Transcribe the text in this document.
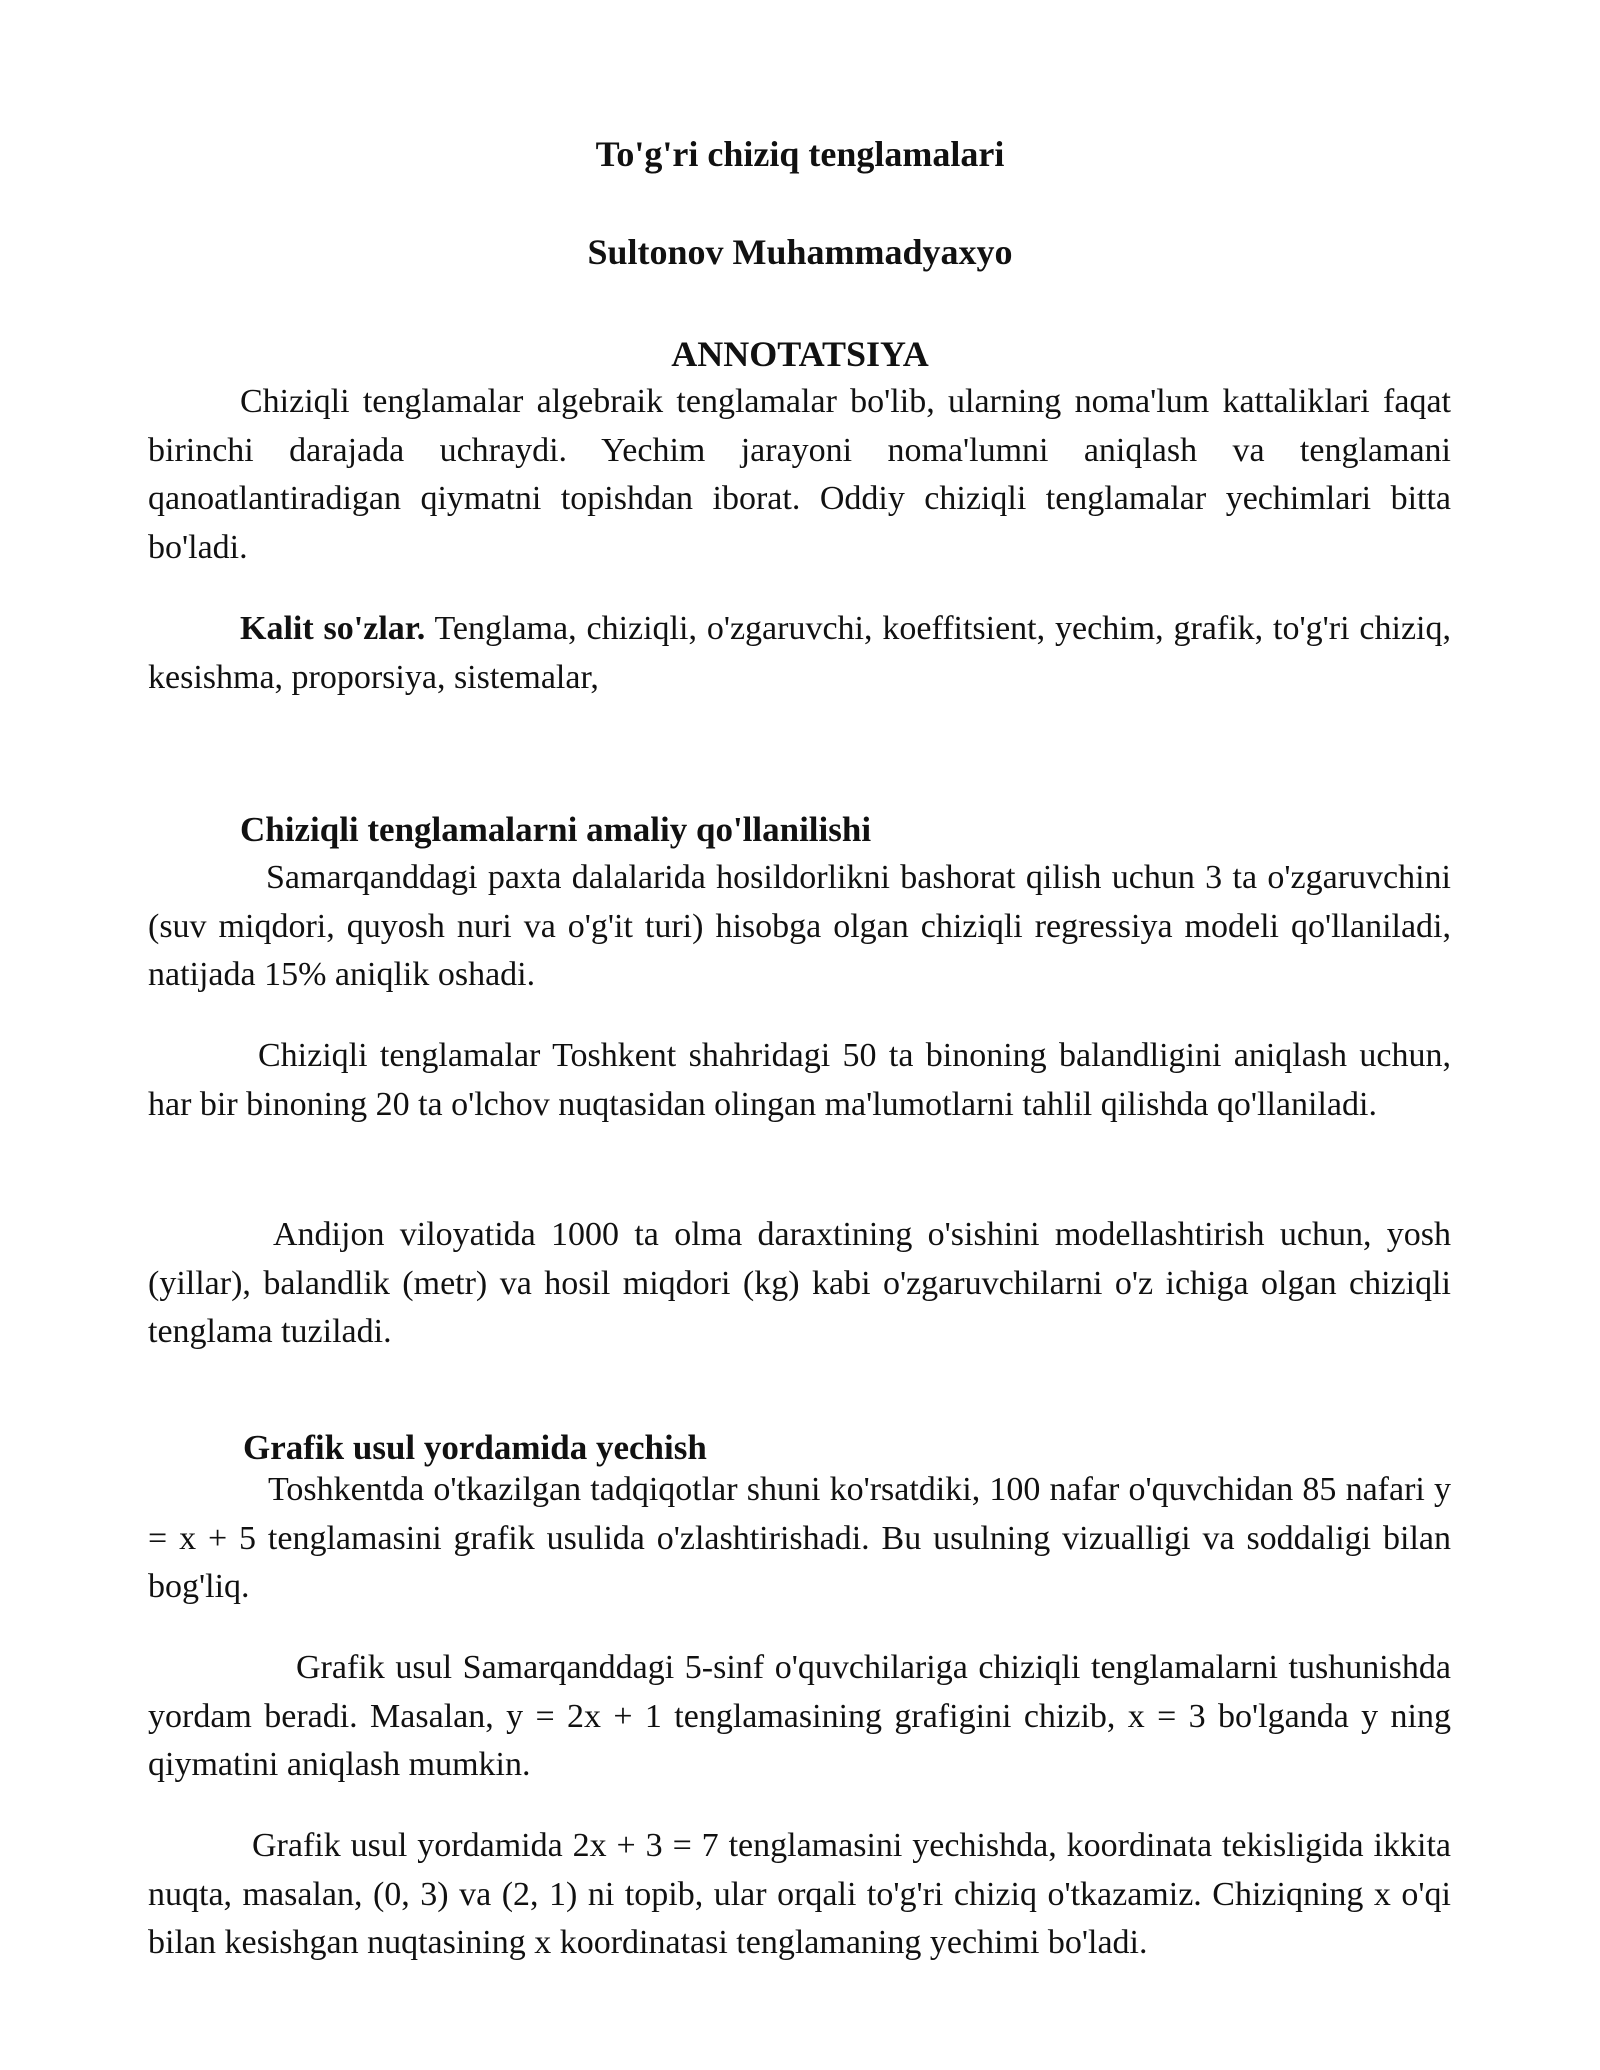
To'g'ri chiziq tenglamalari

Sultonov Muhammadyaxyo

ANNOTATSIYA

Chiziqli tenglamalar algebraik tenglamalar bo'lib, ularning noma'lum kattaliklari faqat birinchi darajada uchraydi. Yechim jarayoni noma'lumni aniqlash va tenglamani qanoatlantiradigan qiymatni topishdan iborat. Oddiy chiziqli tenglamalar yechimlari bitta bo'ladi.

Kalit so'zlar. Tenglama, chiziqli, o'zgaruvchi, koeffitsient, yechim, grafik, to'g'ri chiziq, kesishma, proporsiya, sistemalar,

Chiziqli tenglamalarni amaliy qo'llanilishi

Samarqanddagi paxta dalalarida hosildorlikni bashorat qilish uchun 3 ta o'zgaruvchini (suv miqdori, quyosh nuri va o'g'it turi) hisobga olgan chiziqli regressiya modeli qo'llaniladi, natijada 15% aniqlik oshadi.

Chiziqli tenglamalar Toshkent shahridagi 50 ta binoning balandligini aniqlash uchun, har bir binoning 20 ta o'lchov nuqtasidan olingan ma'lumotlarni tahlil qilishda qo'llaniladi.

Andijon viloyatida 1000 ta olma daraxtining o'sishini modellashtirish uchun, yosh (yillar), balandlik (metr) va hosil miqdori (kg) kabi o'zgaruvchilarni o'z ichiga olgan chiziqli tenglama tuziladi.

Grafik usul yordamida yechish

Toshkentda o'tkazilgan tadqiqotlar shuni ko'rsatdiki, 100 nafar o'quvchidan 85 nafari y = x + 5 tenglamasini grafik usulida o'zlashtirishadi. Bu usulning vizualligi va soddaligi bilan bog'liq.

Grafik usul Samarqanddagi 5-sinf o'quvchilariga chiziqli tenglamalarni tushunishda yordam beradi. Masalan, y = 2x + 1 tenglamasining grafigini chizib, x = 3 bo'lganda y ning qiymatini aniqlash mumkin.

Grafik usul yordamida 2x + 3 = 7 tenglamasini yechishda, koordinata tekisligida ikkita nuqta, masalan, (0, 3) va (2, 1) ni topib, ular orqali to'g'ri chiziq o'tkazamiz. Chiziqning x o'qi bilan kesishgan nuqtasining x koordinatasi tenglamaning yechimi bo'ladi.
